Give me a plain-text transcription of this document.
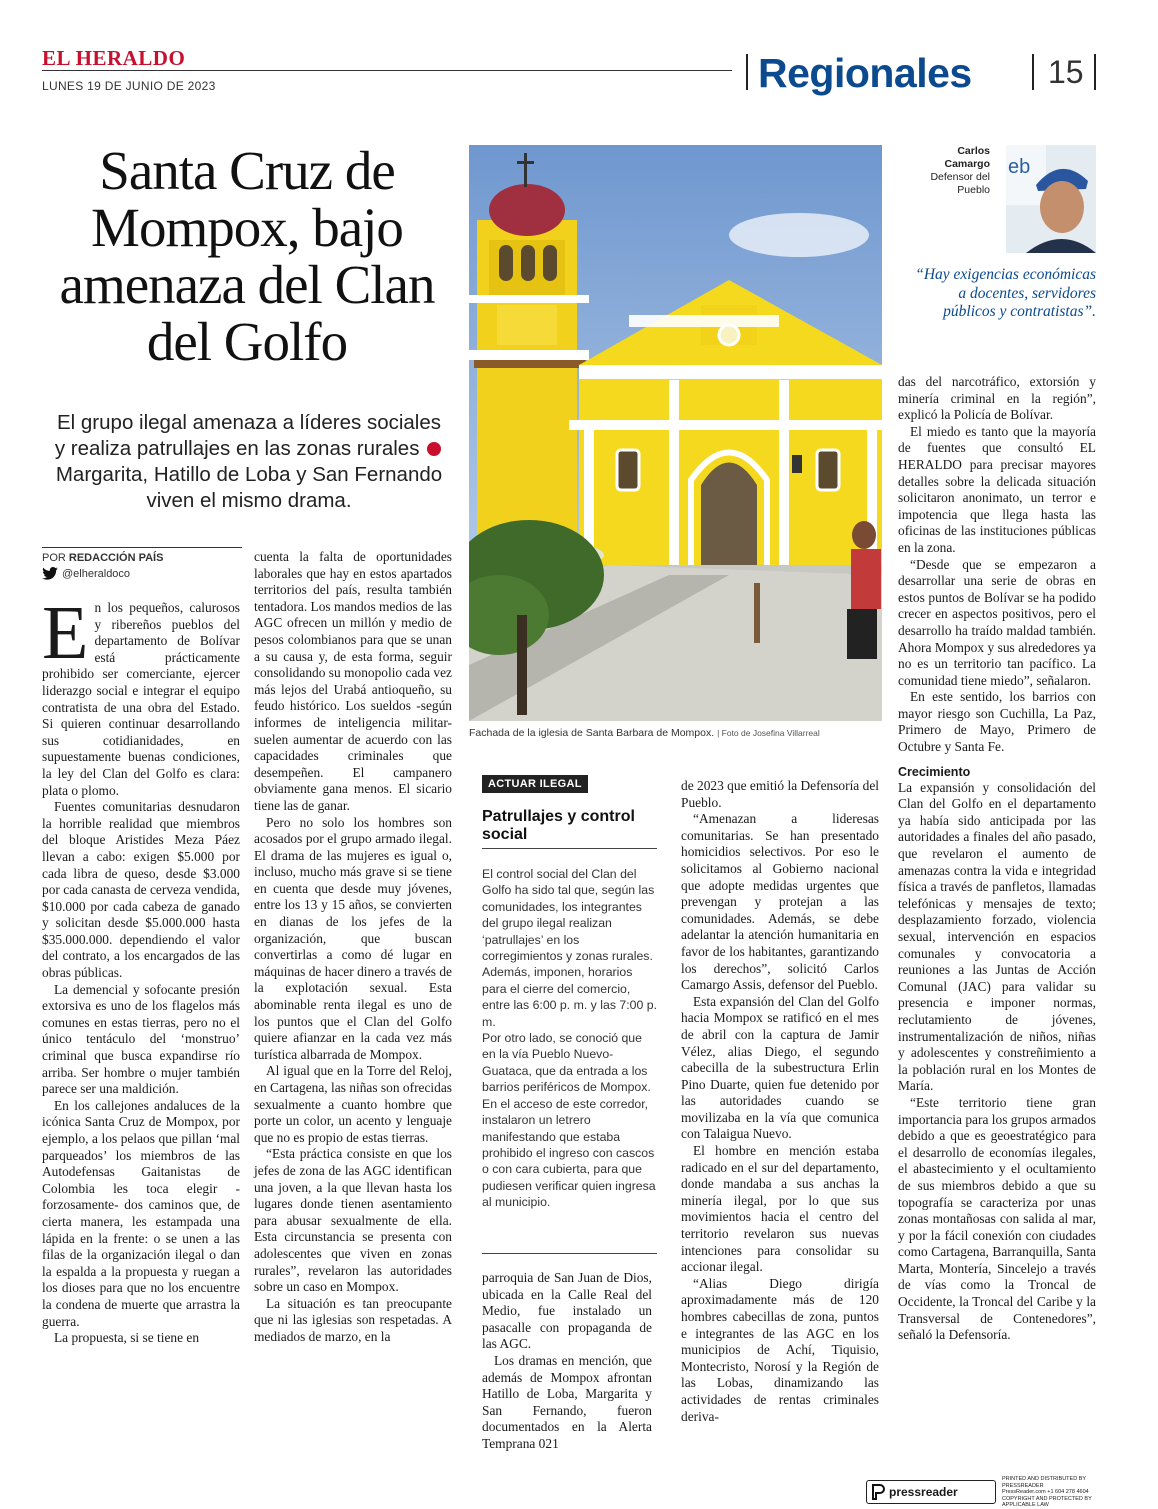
EL HERALDO
LUNES 19 DE JUNIO DE 2023	Regionales 15
Santa Cruz de Mompox, bajo amenaza del Clan del Golfo
El grupo ilegal amenaza a líderes sociales y realiza patrullajes en las zonas rurales  Margarita, Hatillo de Loba y San Fernando viven el mismo drama.
POR REDACCIÓN PAÍS
@elheraldoco

En los pequeños, calurosos y ribereños pueblos del departamento de Bolívar está prácticamente prohibido ser comerciante, ejercer liderazgo social e integrar el equipo contratista de una obra del Estado. Si quieren continuar desarrollando sus cotidianidades, en supuestamente buenas condiciones, la ley del Clan del Golfo es clara: plata o plomo.

Fuentes comunitarias desnudaron la horrible realidad que miembros del bloque Aristides Meza Páez llevan a cabo: exigen $5.000 por cada libra de queso, desde $3.000 por cada canasta de cerveza vendida, $10.000 por cada cabeza de ganado y solicitan desde $5.000.000 hasta $35.000.000. dependiendo el valor del contrato, a los encargados de las obras públicas.

La demencial y sofocante presión extorsiva es uno de los flagelos más comunes en estas tierras, pero no el único tentáculo del ‘monstruo’ criminal que busca expandirse río arriba. Ser hombre o mujer también parece ser una maldición.

En los callejones andaluces de la icónica Santa Cruz de Mompox, por ejemplo, a los pelaos que pillan ‘mal parqueados’ los miembros de las Autodefensas Gaitanistas de Colombia les toca elegir -forzosamente- dos caminos que, de cierta manera, les estampada una lápida en la frente: o se unen a las filas de la organización ilegal o dan la espalda a la propuesta y ruegan a los dioses para que no los encuentre la condena de muerte que arrastra la guerra.

La propuesta, si se tiene en

cuenta la falta de oportunidades laborales que hay en estos apartados territorios del país, resulta también tentadora. Los mandos medios de las AGC ofrecen un millón y medio de pesos colombianos para que se unan a su causa y, de esta forma, seguir consolidando su monopolio cada vez más lejos del Urabá antioqueño, su feudo histórico. Los sueldos -según informes de inteligencia militar- suelen aumentar de acuerdo con las capacidades criminales que desempeñen. El campanero obviamente gana menos. El sicario tiene las de ganar.

Pero no solo los hombres son acosados por el grupo armado ilegal. El drama de las mujeres es igual o, incluso, mucho más grave si se tiene en cuenta que desde muy jóvenes, entre los 13 y 15 años, se convierten en dianas de los jefes de la organización, que buscan convertirlas a como dé lugar en máquinas de hacer dinero a través de la explotación sexual. Esta abominable renta ilegal es uno de los puntos que el Clan del Golfo quiere afianzar en la cada vez más turística albarrada de Mompox.

Al igual que en la Torre del Reloj, en Cartagena, las niñas son ofrecidas sexualmente a cuanto hombre que porte un color, un acento y lenguaje que no es propio de estas tierras.

“Esta práctica consiste en que los jefes de zona de las AGC identifican una joven, a la que llevan hasta los lugares donde tienen asentamiento para abusar sexualmente de ella. Esta circunstancia se presenta con adolescentes que viven en zonas rurales”, revelaron las autoridades sobre un caso en Mompox.

La situación es tan preocupante que ni las iglesias son respetadas. A mediados de marzo, en la

Fachada de la iglesia de Santa Barbara de Mompox. | Foto de Josefina Villarreal
ACTUAR ILEGAL
Patrullajes y control social

El control social del Clan del Golfo ha sido tal que, según las comunidades, los integrantes del grupo ilegal realizan ‘patrullajes’ en los corregimientos y zonas rurales. Además, imponen, horarios para el cierre del comercio, entre las 6:00 p. m. y las 7:00 p. m.

Por otro lado, se conoció que en la vía Pueblo Nuevo-Guataca, que da entrada a los barrios periféricos de Mompox. En el acceso de este corredor, instalaron un letrero manifestando que estaba prohibido el ingreso con cascos o con cara cubierta, para que pudiesen verificar quien ingresa al municipio.

parroquia de San Juan de Dios, ubicada en la Calle Real del Medio, fue instalado un pasacalle con propaganda de las AGC.

Los dramas en mención, que además de Mompox afrontan Hatillo de Loba, Margarita y San Fernando, fueron documentados en la Alerta Temprana 021

de 2023 que emitió la Defensoría del Pueblo.

“Amenazan a lideresas comunitarias. Se han presentado homicidios selectivos. Por eso le solicitamos al Gobierno nacional que adopte medidas urgentes que prevengan y protejan a las comunidades. Además, se debe adelantar la atención humanitaria en favor de los habitantes, garantizando los derechos”, solicitó Carlos Camargo Assis, defensor del Pueblo.

Esta expansión del Clan del Golfo hacia Mompox se ratificó en el mes de abril con la captura de Jamir Vélez, alias Diego, el segundo cabecilla de la subestructura Erlin Pino Duarte, quien fue detenido por las autoridades cuando se movilizaba en la vía que comunica con Talaigua Nuevo.

El hombre en mención estaba radicado en el sur del departamento, donde mandaba a sus anchas la minería ilegal, por lo que sus movimientos hacia el centro del territorio revelaron sus nuevas intenciones para consolidar su accionar ilegal.

“Alias Diego dirigía aproximadamente más de 120 hombres cabecillas de zona, puntos e integrantes de las AGC en los municipios de Achí, Tiquisio, Montecristo, Norosí y la Región de las Lobas, dinamizando las actividades de rentas criminales deriva-

Carlos Camargo
Defensor del Pueblo
eb
“Hay exigencias económicas a docentes, servidores públicos y contratistas”.

das del narcotráfico, extorsión y minería criminal en la región”, explicó la Policía de Bolívar.

El miedo es tanto que la mayoría de fuentes que consultó EL HERALDO para precisar mayores detalles sobre la delicada situación solicitaron anonimato, un terror e impotencia que llega hasta las oficinas de las instituciones públicas en la zona.

“Desde que se empezaron a desarrollar una serie de obras en estos puntos de Bolívar se ha podido crecer en aspectos positivos, pero el desarrollo ha traído maldad también. Ahora Mompox y sus alrededores ya no es un territorio tan pacífico. La comunidad tiene miedo”, señalaron.

En este sentido, los barrios con mayor riesgo son Cuchilla, La Paz, Primero de Mayo, Primero de Octubre y Santa Fe.

Crecimiento

La expansión y consolidación del Clan del Golfo en el departamento ya había sido anticipada por las autoridades a finales del año pasado, que revelaron el aumento de amenazas contra la vida e integridad física a través de panfletos, llamadas telefónicas y mensajes de texto; desplazamiento forzado, violencia sexual, intervención en espacios comunales y convocatoria a reuniones a las Juntas de Acción Comunal (JAC) para validar su presencia e imponer normas, reclutamiento de jóvenes, instrumentalización de niños, niñas y adolescentes y constreñimiento a la población rural en los Montes de María.

“Este territorio tiene gran importancia para los grupos armados debido a que es geoestratégico para el desarrollo de economías ilegales, el abastecimiento y el ocultamiento de sus miembros debido a que su topografía se caracteriza por unas zonas montañosas con salida al mar, y por la fácil conexión con ciudades como Cartagena, Barranquilla, Santa Marta, Montería, Sincelejo a través de vías como la Troncal de Occidente, la Troncal del Caribe y la Transversal de Contenedores”, señaló la Defensoría.

pressreader
PRINTED AND DISTRIBUTED BY PRESSREADER
PressReader.com +1 604 278 4604
COPYRIGHT AND PROTECTED BY APPLICABLE LAW
